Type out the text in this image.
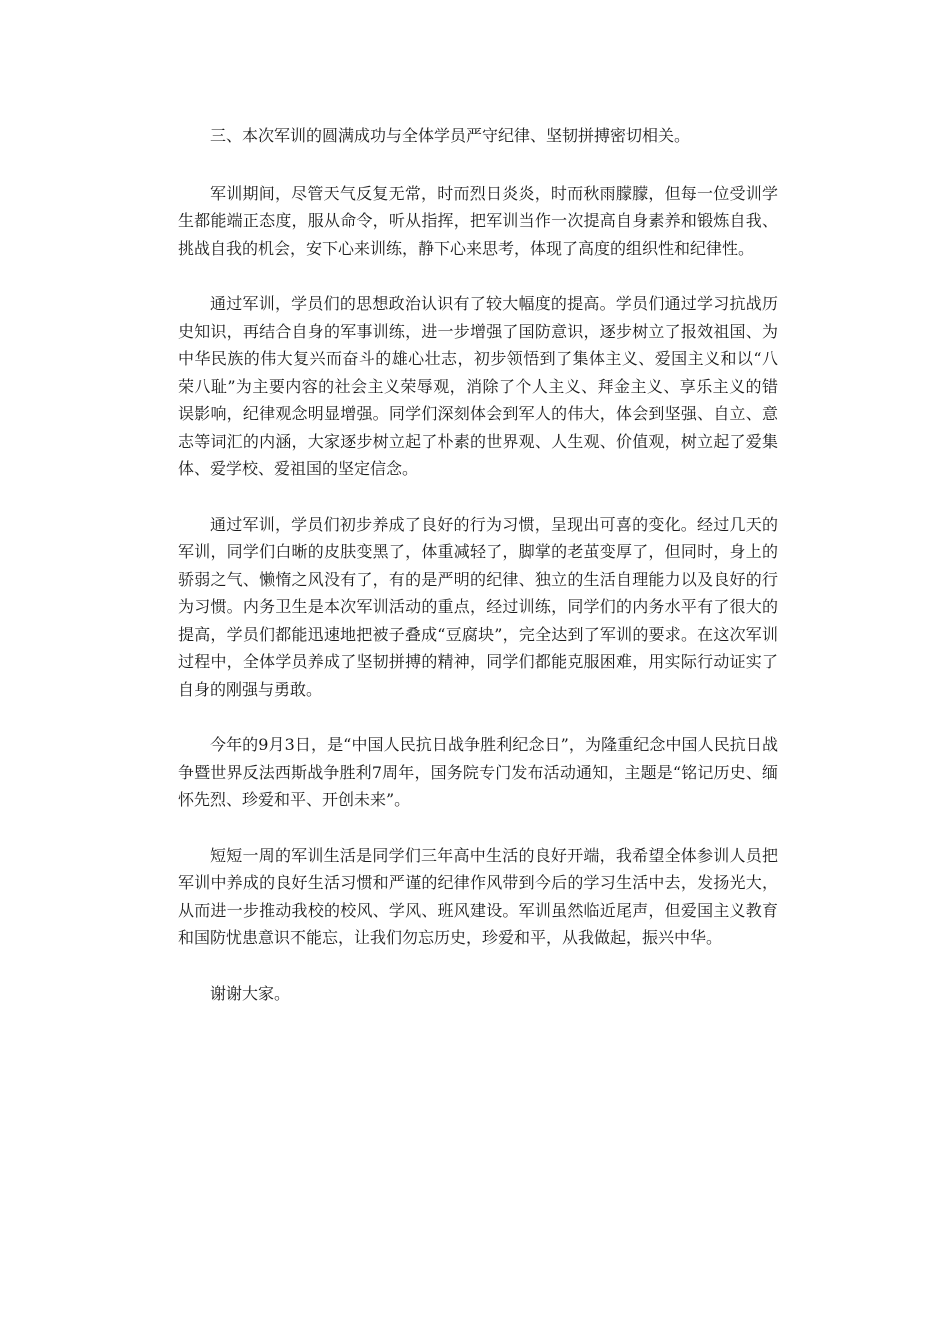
三、本次军训的圆满成功与全体学员严守纪律、坚韧拼搏密切相关。

军训期间，尽管天气反复无常，时而烈日炎炎，时而秋雨朦朦，但每一位受训学生都能端正态度，服从命令，听从指挥，把军训当作一次提高自身素养和锻炼自我、挑战自我的机会，安下心来训练，静下心来思考，体现了高度的组织性和纪律性。

通过军训，学员们的思想政治认识有了较大幅度的提高。学员们通过学习抗战历史知识，再结合自身的军事训练，进一步增强了国防意识，逐步树立了报效祖国、为中华民族的伟大复兴而奋斗的雄心壮志，初步领悟到了集体主义、爱国主义和以“八荣八耻”为主要内容的社会主义荣辱观，消除了个人主义、拜金主义、享乐主义的错误影响，纪律观念明显增强。同学们深刻体会到军人的伟大，体会到坚强、自立、意志等词汇的内涵，大家逐步树立起了朴素的世界观、人生观、价值观，树立起了爱集体、爱学校、爱祖国的坚定信念。

通过军训，学员们初步养成了良好的行为习惯，呈现出可喜的变化。经过几天的军训，同学们白晰的皮肤变黑了，体重减轻了，脚掌的老茧变厚了，但同时，身上的骄弱之气、懒惰之风没有了，有的是严明的纪律、独立的生活自理能力以及良好的行为习惯。内务卫生是本次军训活动的重点，经过训练，同学们的内务水平有了很大的提高，学员们都能迅速地把被子叠成“豆腐块”，完全达到了军训的要求。在这次军训过程中，全体学员养成了坚韧拼搏的精神，同学们都能克服困难，用实际行动证实了自身的刚强与勇敢。

今年的9月3日，是“中国人民抗日战争胜利纪念日”，为隆重纪念中国人民抗日战争暨世界反法西斯战争胜利7周年，国务院专门发布活动通知，主题是“铭记历史、缅怀先烈、珍爱和平、开创未来”。

短短一周的军训生活是同学们三年高中生活的良好开端，我希望全体参训人员把军训中养成的良好生活习惯和严谨的纪律作风带到今后的学习生活中去，发扬光大，从而进一步推动我校的校风、学风、班风建设。军训虽然临近尾声，但爱国主义教育和国防忧患意识不能忘，让我们勿忘历史，珍爱和平，从我做起，振兴中华。

谢谢大家。
